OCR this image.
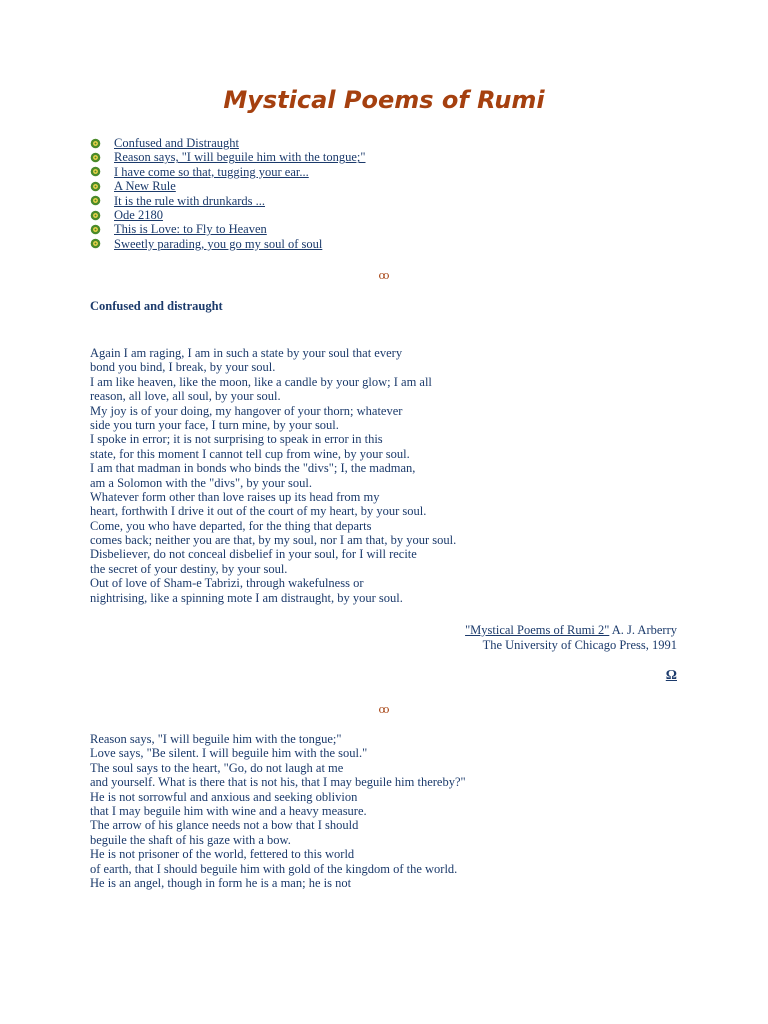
Mystical Poems of Rumi
Confused and Distraught
Reason says, "I will beguile him with the tongue;"
I have come so that, tugging your ear...
A New Rule
It is the rule with drunkards ...
Ode 2180
This is Love: to Fly to Heaven
Sweetly parading, you go my soul of soul
ꝏ
Confused and distraught
Again I am raging, I am in such a state by your soul that every
bond you bind, I break, by your soul.
I am like heaven, like the moon, like a candle by your glow; I am all
reason, all love, all soul, by your soul.
My joy is of your doing, my hangover of your thorn; whatever
side you turn your face, I turn mine, by your soul.
I spoke in error; it is not surprising to speak in error in this
state, for this moment I cannot tell cup from wine, by your soul.
I am that madman in bonds who binds the "divs"; I, the madman,
am a Solomon with the "divs", by your soul.
Whatever form other than love raises up its head from my
heart, forthwith I drive it out of the court of my heart, by your soul.
Come, you who have departed, for the thing that departs
comes back; neither you are that, by my soul, nor I am that, by your soul.
Disbeliever, do not conceal disbelief in your soul, for I will recite
the secret of your destiny, by your soul.
Out of love of Sham-e Tabrizi, through wakefulness or
nightrising, like a spinning mote I am distraught, by your soul.
"Mystical Poems of Rumi 2" A. J. Arberry
The University of Chicago Press, 1991
Ω
ꝏ
Reason says, "I will beguile him with the tongue;"
Love says, "Be silent. I will beguile him with the soul."
The soul says to the heart, "Go, do not laugh at me
and yourself. What is there that is not his, that I may beguile him thereby?"
He is not sorrowful and anxious and seeking oblivion
that I may beguile him with wine and a heavy measure.
The arrow of his glance needs not a bow that I should
beguile the shaft of his gaze with a bow.
He is not prisoner of the world, fettered to this world
of earth, that I should beguile him with gold of the kingdom of the world.
He is an angel, though in form he is a man; he is not
